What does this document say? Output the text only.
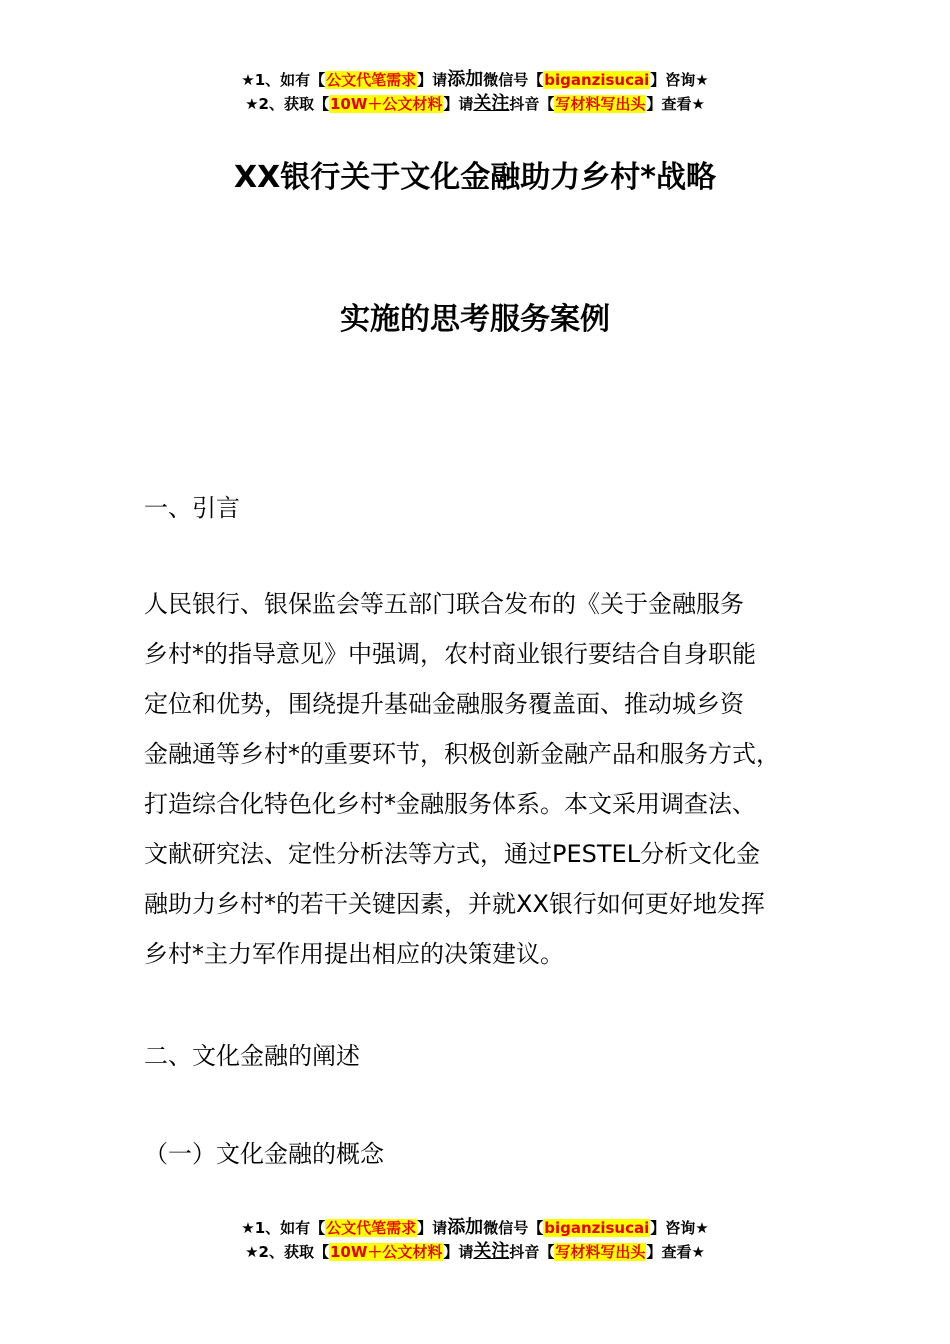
★1、如有【公文代笔需求】请添加微信号【biganzisucai】咨询★
★2、获取【10W＋公文材料】请关注抖音【写材料写出头】查看★
XX银行关于文化金融助力乡村*战略
实施的思考服务案例
一、引言
人民银行、银保监会等五部门联合发布的《关于金融服务
乡村*的指导意见》中强调，农村商业银行要结合自身职能
定位和优势，围绕提升基础金融服务覆盖面、推动城乡资
金融通等乡村*的重要环节，积极创新金融产品和服务方式，
打造综合化特色化乡村*金融服务体系。本文采用调查法、
文献研究法、定性分析法等方式，通过PESTEL分析文化金
融助力乡村*的若干关键因素，并就XX银行如何更好地发挥
乡村*主力军作用提出相应的决策建议。
二、文化金融的阐述
（一）文化金融的概念
★1、如有【公文代笔需求】请添加微信号【biganzisucai】咨询★
★2、获取【10W＋公文材料】请关注抖音【写材料写出头】查看★
